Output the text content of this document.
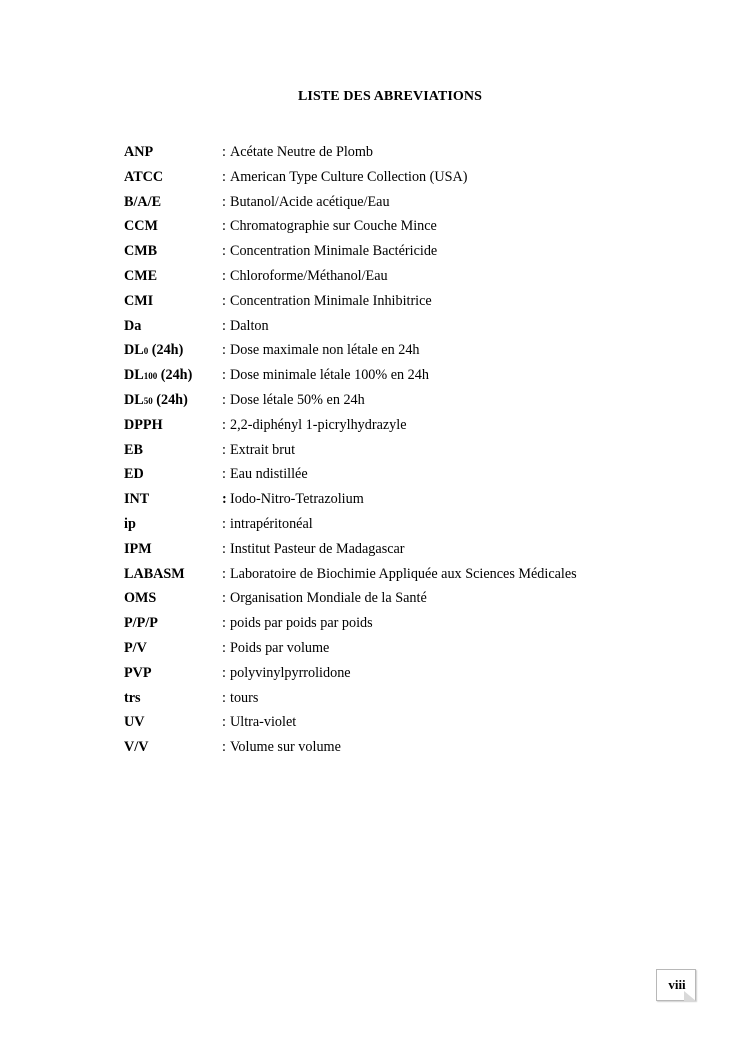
LISTE DES ABREVIATIONS
ANP	: Acétate Neutre de Plomb
ATCC	: American Type Culture Collection (USA)
B/A/E	: Butanol/Acide acétique/Eau
CCM	: Chromatographie sur Couche Mince
CMB	: Concentration Minimale Bactéricide
CME	: Chloroforme/Méthanol/Eau
CMI	: Concentration Minimale Inhibitrice
Da	: Dalton
DL0 (24h)	: Dose maximale non létale en 24h
DL100 (24h) : Dose minimale létale 100% en 24h
DL50 (24h) : Dose létale 50% en 24h
DPPH	: 2,2-diphényl 1-picrylhydrazyle
EB	: Extrait brut
ED	: Eau ndistillée
INT	: Iodo-Nitro-Tetrazolium
ip	: intrapéritonéal
IPM	: Institut Pasteur de Madagascar
LABASM	: Laboratoire de Biochimie Appliquée aux Sciences Médicales
OMS	: Organisation Mondiale de la Santé
P/P/P	: poids par poids par poids
P/V	: Poids par volume
PVP	: polyvinylpyrrolidone
trs	: tours
UV	: Ultra-violet
V/V	: Volume sur volume
viii
